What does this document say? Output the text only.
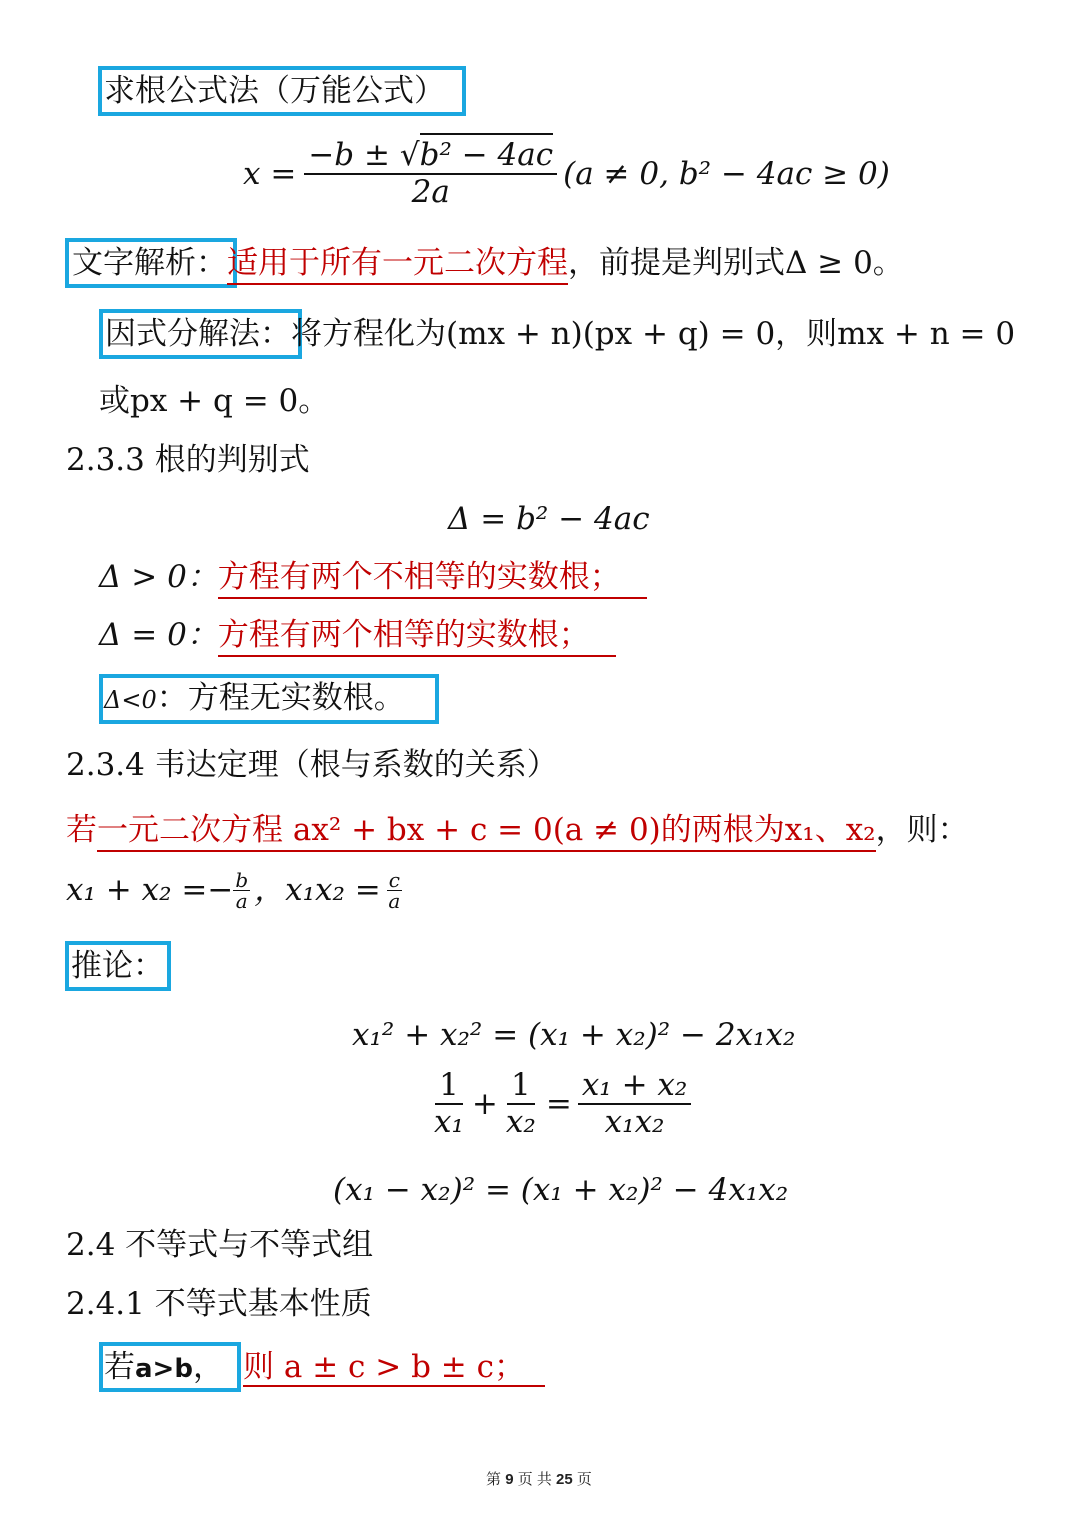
求根公式法（万能公式）
$x = \frac{\text{−b ± √b² − 4ac}}{2a} (a \ne 0$, b² − 4ac ≥ 0)
文字解析：适用于所有一元二次方程，前提是判别式Δ ≥ 0。
因式分解法：将方程化为(mx + n)(px + q) = 0，则mx + n = 0
或px + q = 0。
2.3.3 根的判别式
Δ = b² − 4ac
Δ > 0：方程有两个不相等的实数根；
Δ = 0：方程有两个相等的实数根；
Δ<0：方程无实数根。
2.3.4 韦达定理（根与系数的关系）
若一元二次方程 ax² + bx + c = 0(a ≠ 0)的两根为x₁、x₂，则：
$x_1 + x_2 =- \frac{b}{a}$ ，$x_1x_2 = \frac{c}{a}$
推论：
x₁² + x₂² = (x₁ + x₂)² − 2x₁x₂
$\frac{1}{\text{x₁}} + \frac{1}{\text{x₂}} = \frac{\text{x₁ + x₂}}{\text{x₁x₂}}$
(x₁ − x₂)² = (x₁ + x₂)² − 4x₁x₂
2.4 不等式与不等式组
2.4.1 不等式基本性质
若a>b， 则 a ± c > b ± c；
第 9 页 共 25 页
